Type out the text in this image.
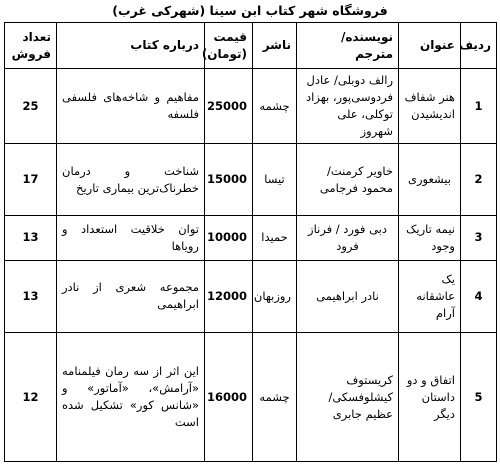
فروشگاه شهر کتاب ابن سینا (شهرکی غرب)
ردیف	عنوان	نویسنده/ مترجم	ناشر	قیمت (تومان)	درباره کتاب	تعداد فروش
1	هنر شفاف اندیشیدن	رالف دوبلی/ عادل فردوسی‌پور، بهزاد توکلی، علی شهروز	چشمه	25000	مفاهیم و شاخه‌های فلسفی فلسفه	25
2	بیشعوری	خاویر کرمنت/ محمود فرجامی	تیسا	15000	شناخت و درمان خطرناک‌ترین بیماری تاریخ	17
3	نیمه تاریک وجود	دبی فورد / فرناز فرود	حمیدا	10000	توان خلاقیت استعداد و رویاها	13
4	یک عاشقانه آرام	نادر ابراهیمی	روزبهان	12000	مجموعه شعری از نادر ابراهیمی	13
5	اتفاق و دو داستان دیگر	کریستوف کیشلوفسکی/ عظیم جابری	چشمه	16000	این اثر از سه رمان فیلمنامه «آرامش»، «آماتور» و «شانس کور» تشکیل شده است	12
